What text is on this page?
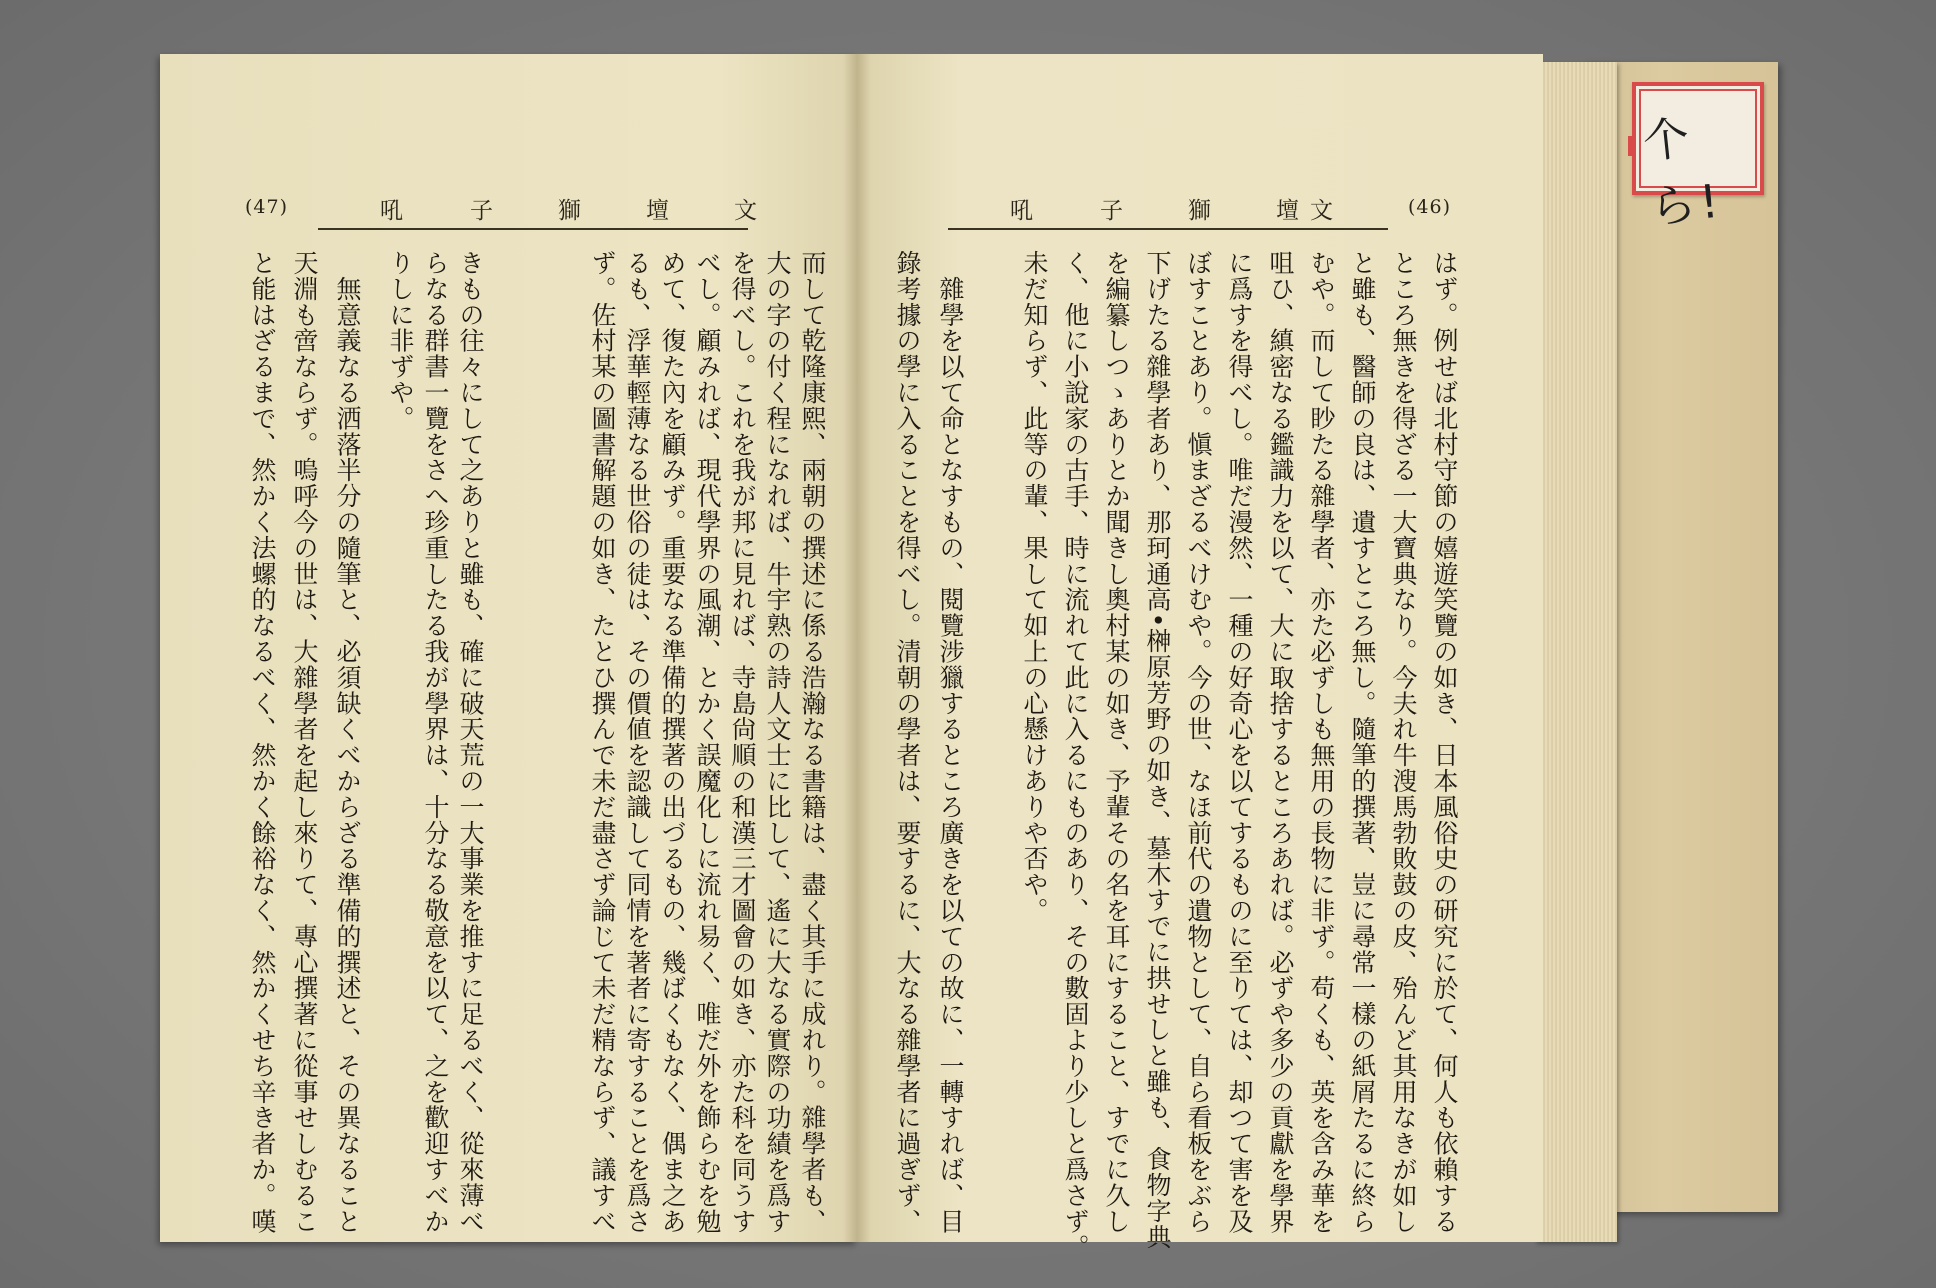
(47)	吼	子	獅	壇	文	吼	子	獅	壇 文	(46)
而して乾隆康熙、兩朝の撰述に係る浩瀚なる書籍は、盡く其手に成れり。雜學者も、
大の字の付く程になれば、牛宇熟の詩人文士に比して、遙に大なる實際の功績を爲す
を得べし。これを我が邦に見れば、寺島尙順の和漢三才圖會の如き、亦た科を同うす
べし。顧みれば、現代學界の風潮、とかく誤魔化しに流れ易く、唯だ外を飾らむを勉
めて、復た內を顧みず。重要なる準備的撰著の出づるもの、幾ばくもなく、偶ま之あ
るも、浮華輕薄なる世俗の徒は、その價値を認識して同情を著者に寄することを爲さ
ず。佐村某の圖書解題の如き、たとひ撰んで未だ盡さず論じて未だ精ならず、議すべ
きもの往々にして之ありと雖も、確に破天荒の一大事業を推すに足るべく、從來薄べ
らなる群書一覽をさへ珍重したる我が學界は、十分なる敬意を以て、之を歡迎すべか
りしに非ずや。
　無意義なる洒落半分の隨筆と、必須缺くべからざる準備的撰述と、その異なること
天淵も啻ならず。嗚呼今の世は、大雜學者を起し來りて、專心撰著に從事せしむるこ
と能はざるまで、然かく法螺的なるべく、然かく餘裕なく、然かくせち辛き者か。嘆	はず。例せば北村守節の嬉遊笑覽の如き、日本風俗史の研究に於て、何人も依賴する
ところ無きを得ざる一大寶典なり。今夫れ牛溲馬勃敗鼓の皮、殆んど其用なきが如し
と雖も、醫師の良は、遺すところ無し。隨筆的撰著、豈に尋常一樣の紙屑たるに終ら
むや。而して眇たる雜學者、亦た必ずしも無用の長物に非ず。苟くも、英を含み華を
咀ひ、縝密なる鑑識力を以て、大に取捨するところあれば。必ずや多少の貢獻を學界
に爲すを得べし。唯だ漫然、一種の好奇心を以てするものに至りては、却つて害を及
ぼすことあり。愼まざるべけむや。今の世、なほ前代の遺物として、自ら看板をぶら
下げたる雜學者あり、那珂通高•榊原芳野の如き、墓木すでに拱せしと雖も、食物字典
を編纂しつゝありとか聞きし奧村某の如き、予輩その名を耳にすること、すでに久し
く、他に小說家の古手、時に流れて此に入るにものあり、その數固より少しと爲さず。
未だ知らず、此等の輩、果して如上の心懸けありや否や。
　雜學を以て命となすもの、閱覽涉獵するところ廣きを以ての故に、一轉すれば、目
錄考據の學に入ることを得べし。清朝の學者は、要するに、大なる雜學者に過ぎず、
个ら!
